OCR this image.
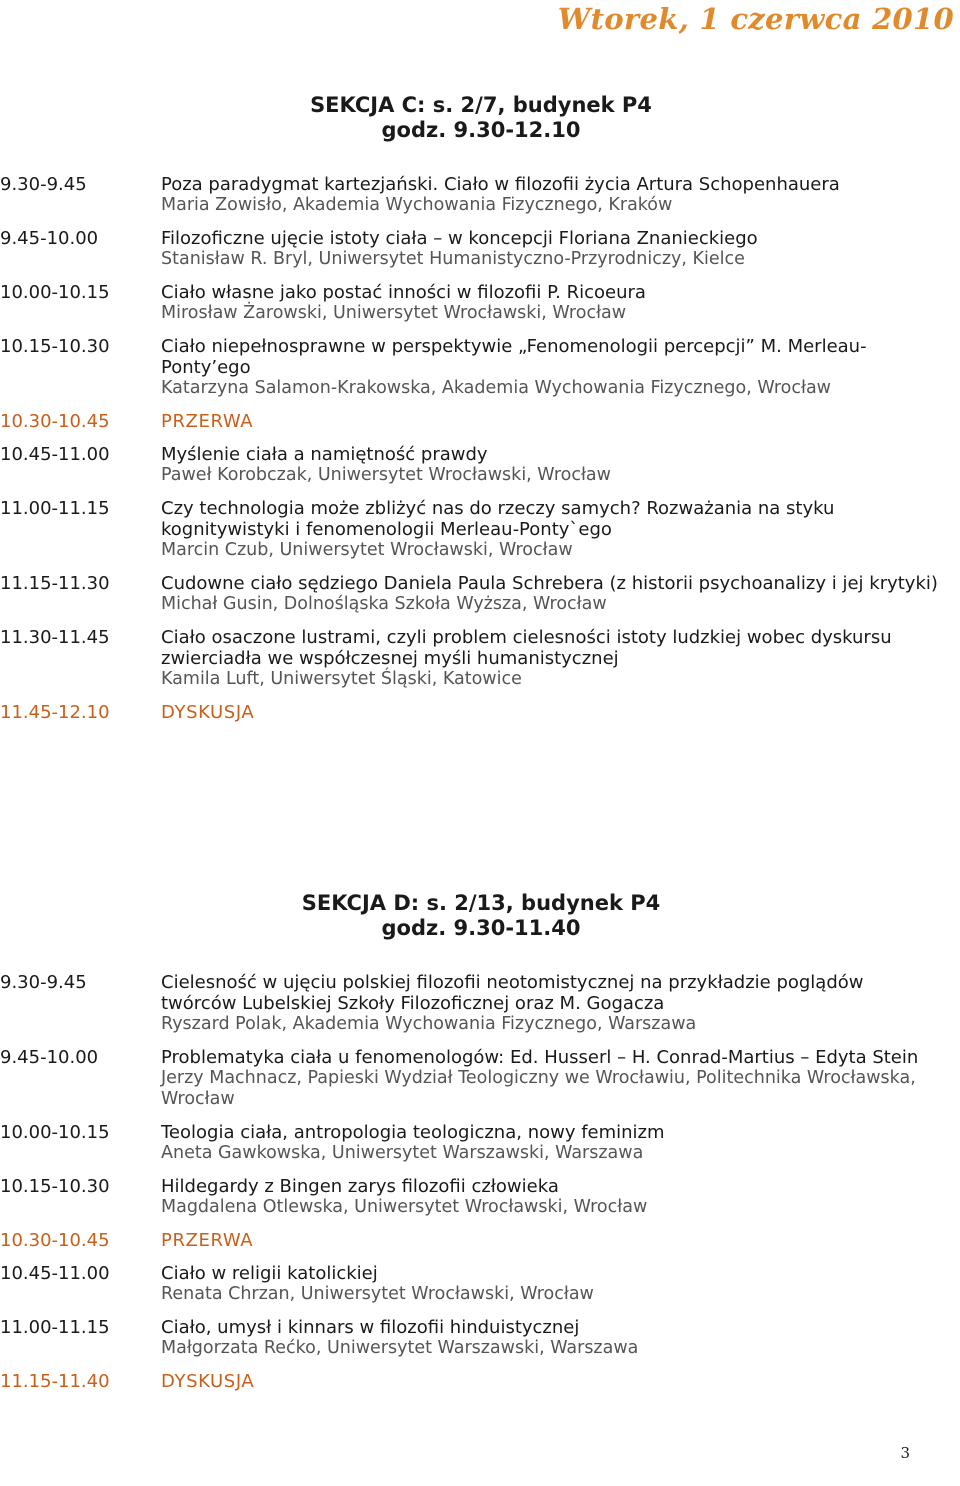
Wtorek, 1 czerwca 2010
SEKCJA C: s. 2/7, budynek P4
godz. 9.30-12.10
9.30-9.45	Poza paradygmat kartezjański. Ciało w filozofii życia Artura Schopenhauera
Maria Zowisło, Akademia Wychowania Fizycznego, Kraków
9.45-10.00	Filozoficzne ujęcie istoty ciała – w koncepcji Floriana Znanieckiego
Stanisław R. Bryl, Uniwersytet Humanistyczno-Przyrodniczy, Kielce
10.00-10.15	Ciało własne jako postać inności w filozofii P. Ricoeura
Mirosław Żarowski, Uniwersytet Wrocławski, Wrocław
10.15-10.30	Ciało niepełnosprawne w perspektywie „Fenomenologii percepcji” M. Merleau-Ponty’ego
Katarzyna Salamon-Krakowska, Akademia Wychowania Fizycznego, Wrocław
10.30-10.45	PRZERWA
10.45-11.00	Myślenie ciała a namiętność prawdy
Paweł Korobczak, Uniwersytet Wrocławski, Wrocław
11.00-11.15	Czy technologia może zbliżyć nas do rzeczy samych? Rozważania na styku kognitywistyki i fenomenologii Merleau-Ponty`ego
Marcin Czub, Uniwersytet Wrocławski, Wrocław
11.15-11.30	Cudowne ciało sędziego Daniela Paula Schrebera (z historii psychoanalizy i jej krytyki)
Michał Gusin, Dolnośląska Szkoła Wyższa, Wrocław
11.30-11.45	Ciało osaczone lustrami, czyli problem cielesności istoty ludzkiej wobec dyskursu zwierciadła we współczesnej myśli humanistycznej
Kamila Luft, Uniwersytet Śląski, Katowice
11.45-12.10	DYSKUSJA
SEKCJA D: s. 2/13, budynek P4
godz. 9.30-11.40
9.30-9.45	Cielesność w ujęciu polskiej filozofii neotomistycznej na przykładzie poglądów twórców Lubelskiej Szkoły Filozoficznej oraz M. Gogacza
Ryszard Polak, Akademia Wychowania Fizycznego, Warszawa
9.45-10.00	Problematyka ciała u fenomenologów: Ed. Husserl – H. Conrad-Martius – Edyta Stein
Jerzy Machnacz, Papieski Wydział Teologiczny we Wrocławiu, Politechnika Wrocławska, Wrocław
10.00-10.15	Teologia ciała, antropologia teologiczna, nowy feminizm
Aneta Gawkowska, Uniwersytet Warszawski, Warszawa
10.15-10.30	Hildegardy z Bingen zarys filozofii człowieka
Magdalena Otlewska, Uniwersytet Wrocławski, Wrocław
10.30-10.45	PRZERWA
10.45-11.00	Ciało w religii katolickiej
Renata Chrzan, Uniwersytet Wrocławski, Wrocław
11.00-11.15	Ciało, umysł i kinnars w filozofii hinduistycznej
Małgorzata Rećko, Uniwersytet Warszawski, Warszawa
11.15-11.40	DYSKUSJA
3
